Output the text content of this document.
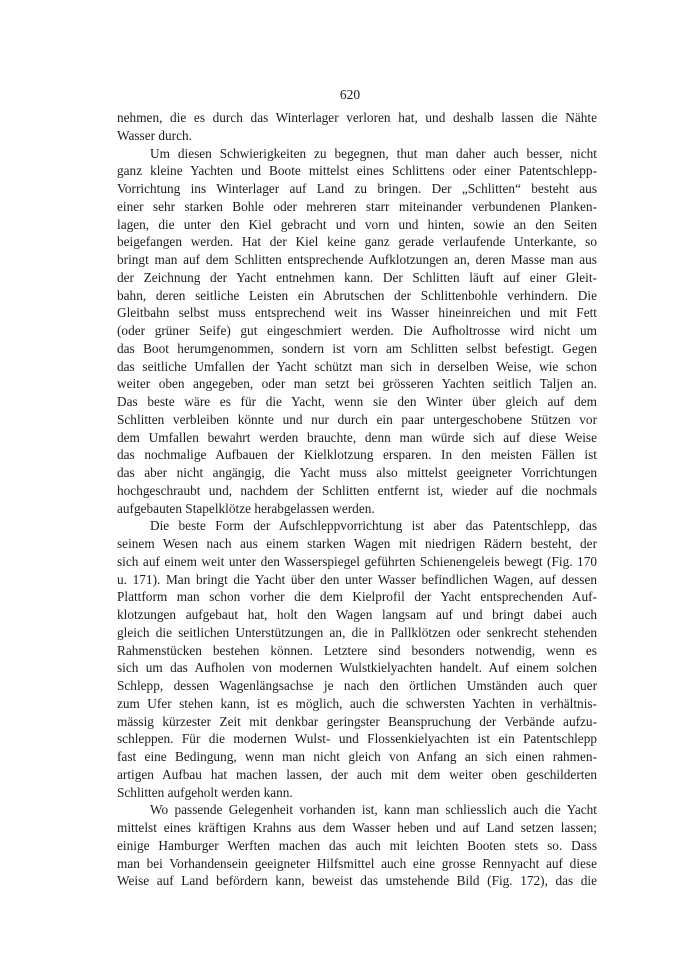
620
nehmen, die es durch das Winterlager verloren hat, und deshalb lassen die Nähte
Wasser durch.
Um diesen Schwierigkeiten zu begegnen, thut man daher auch besser, nicht
ganz kleine Yachten und Boote mittelst eines Schlittens oder einer Patentschlepp-
Vorrichtung ins Winterlager auf Land zu bringen. Der „Schlitten“ besteht aus
einer sehr starken Bohle oder mehreren starr miteinander verbundenen Planken-
lagen, die unter den Kiel gebracht und vorn und hinten, sowie an den Seiten
beigefangen werden. Hat der Kiel keine ganz gerade verlaufende Unterkante, so
bringt man auf dem Schlitten entsprechende Aufklotzungen an, deren Masse man aus
der Zeichnung der Yacht entnehmen kann. Der Schlitten läuft auf einer Gleit-
bahn, deren seitliche Leisten ein Abrutschen der Schlittenbohle verhindern. Die
Gleitbahn selbst muss entsprechend weit ins Wasser hineinreichen und mit Fett
(oder grüner Seife) gut eingeschmiert werden. Die Aufholtrosse wird nicht um
das Boot herumgenommen, sondern ist vorn am Schlitten selbst befestigt. Gegen
das seitliche Umfallen der Yacht schützt man sich in derselben Weise, wie schon
weiter oben angegeben, oder man setzt bei grösseren Yachten seitlich Taljen an.
Das beste wäre es für die Yacht, wenn sie den Winter über gleich auf dem
Schlitten verbleiben könnte und nur durch ein paar untergeschobene Stützen vor
dem Umfallen bewahrt werden brauchte, denn man würde sich auf diese Weise
das nochmalige Aufbauen der Kielklotzung ersparen. In den meisten Fällen ist
das aber nicht angängig, die Yacht muss also mittelst geeigneter Vorrichtungen
hochgeschraubt und, nachdem der Schlitten entfernt ist, wieder auf die nochmals
aufgebauten Stapelklötze herabgelassen werden.
Die beste Form der Aufschleppvorrichtung ist aber das Patentschlepp, das
seinem Wesen nach aus einem starken Wagen mit niedrigen Rädern besteht, der
sich auf einem weit unter den Wasserspiegel geführten Schienengeleis bewegt (Fig. 170
u. 171). Man bringt die Yacht über den unter Wasser befindlichen Wagen, auf dessen
Plattform man schon vorher die dem Kielprofil der Yacht entsprechenden Auf-
klotzungen aufgebaut hat, holt den Wagen langsam auf und bringt dabei auch
gleich die seitlichen Unterstützungen an, die in Pallklötzen oder senkrecht stehenden
Rahmenstücken bestehen können. Letztere sind besonders notwendig, wenn es
sich um das Aufholen von modernen Wulstkielyachten handelt. Auf einem solchen
Schlepp, dessen Wagenlängsachse je nach den örtlichen Umständen auch quer
zum Ufer stehen kann, ist es möglich, auch die schwersten Yachten in verhältnis-
mässig kürzester Zeit mit denkbar geringster Beanspruchung der Verbände aufzu-
schleppen. Für die modernen Wulst- und Flossenkielyachten ist ein Patentschlepp
fast eine Bedingung, wenn man nicht gleich von Anfang an sich einen rahmen-
artigen Aufbau hat machen lassen, der auch mit dem weiter oben geschilderten
Schlitten aufgeholt werden kann.
Wo passende Gelegenheit vorhanden ist, kann man schliesslich auch die Yacht
mittelst eines kräftigen Krahns aus dem Wasser heben und auf Land setzen lassen;
einige Hamburger Werften machen das auch mit leichten Booten stets so. Dass
man bei Vorhandensein geeigneter Hilfsmittel auch eine grosse Rennyacht auf diese
Weise auf Land befördern kann, beweist das umstehende Bild (Fig. 172), das die
